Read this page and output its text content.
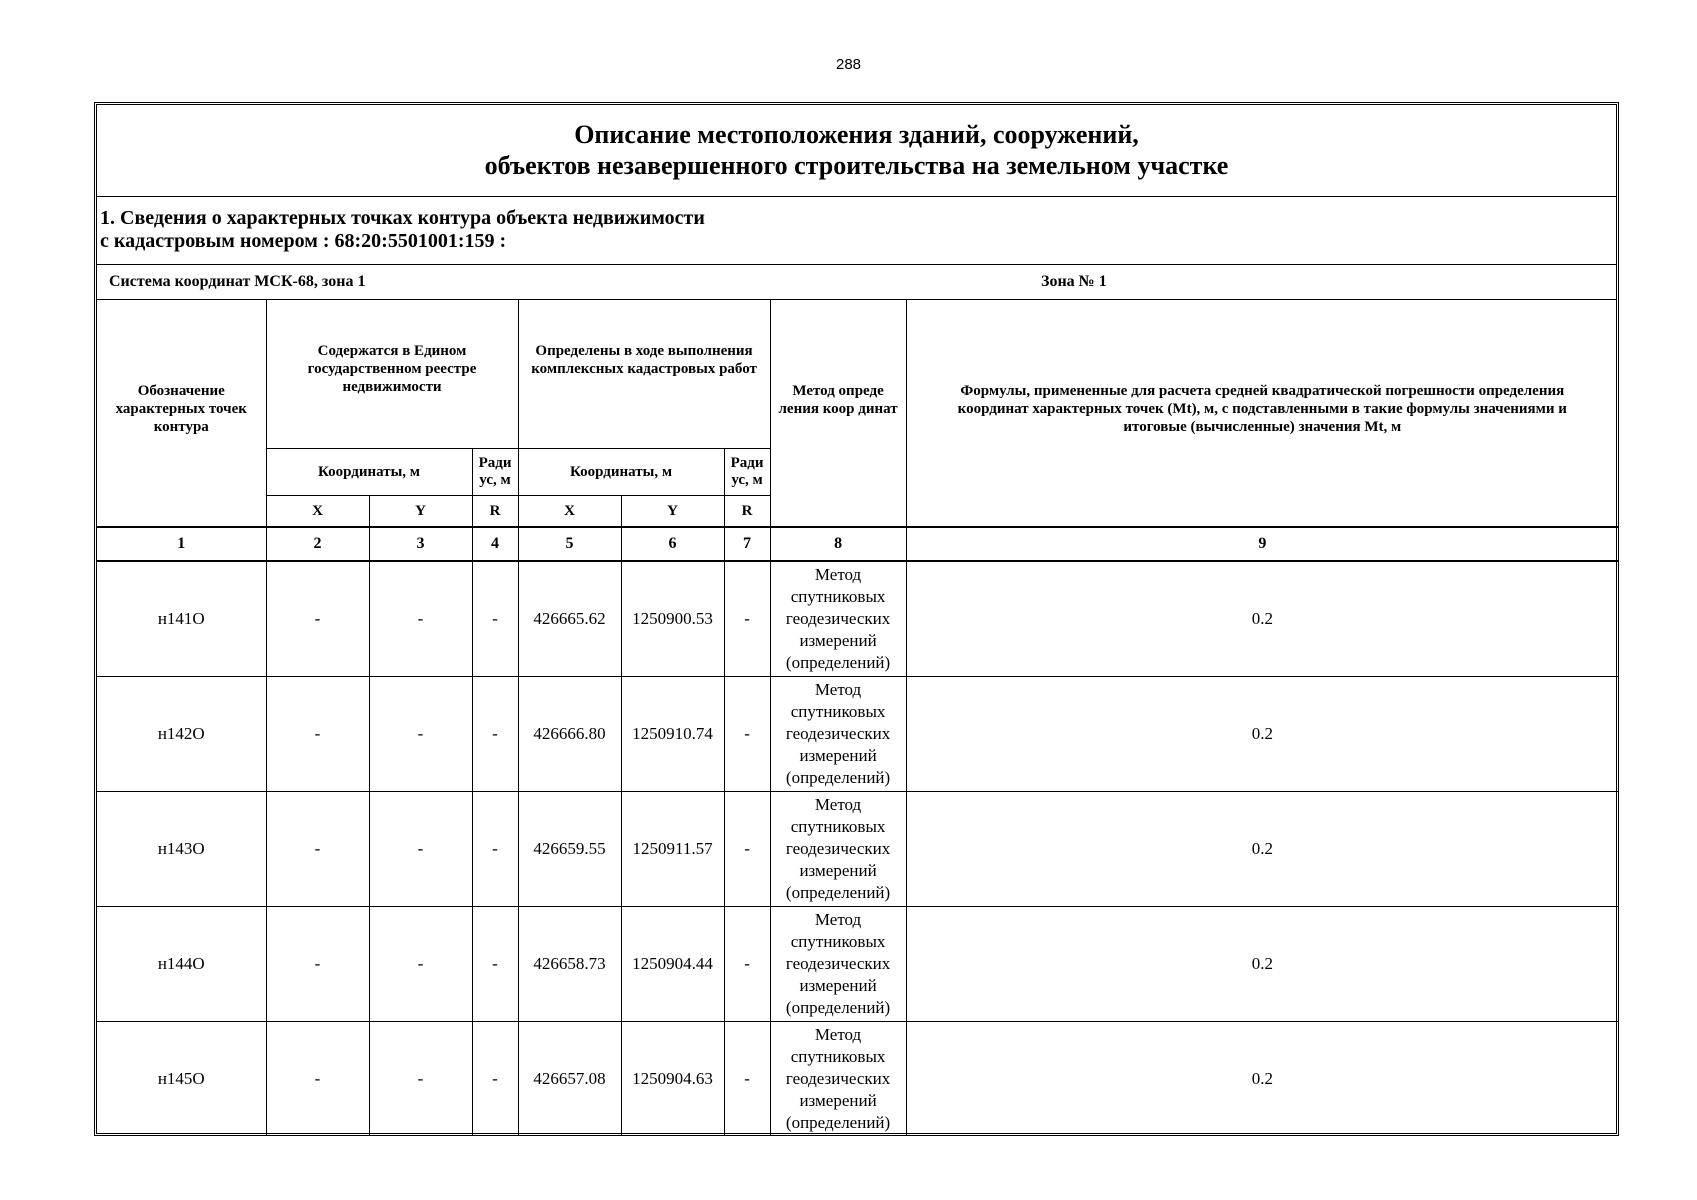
288
Описание местоположения зданий, сооружений,
объектов незавершенного строительства на земельном участке
1. Сведения о характерных точках контура объекта недвижимости
с кадастровым номером : 68:20:5501001:159 :
Система координат МСК-68, зона 1	Зона № 1
Обозначение характерных точек контура	Содержатся в Едином государственном реестре недвижимости			Определены в ходе выполнения комплексных кадастровых работ			Метод опреде ления коор динат	Формулы, примененные для расчета средней квадратической погрешности определения координат характерных точек (Mt), м, с подставленными в такие формулы значениями и итоговые (вычисленные) значения Mt, м
	Координаты, м		Ради ус, м	Координаты, м		Ради ус, м		
	X	Y	R	X	Y	R		
1	2	3	4	5	6	7	8	9
н141О	-	-	-	426665.62	1250900.53	-	Метод спутниковых геодезических измерений (определений)	0.2
н142О	-	-	-	426666.80	1250910.74	-	Метод спутниковых геодезических измерений (определений)	0.2
н143О	-	-	-	426659.55	1250911.57	-	Метод спутниковых геодезических измерений (определений)	0.2
н144О	-	-	-	426658.73	1250904.44	-	Метод спутниковых геодезических измерений (определений)	0.2
н145О	-	-	-	426657.08	1250904.63	-	Метод спутниковых геодезических измерений (определений)	0.2
